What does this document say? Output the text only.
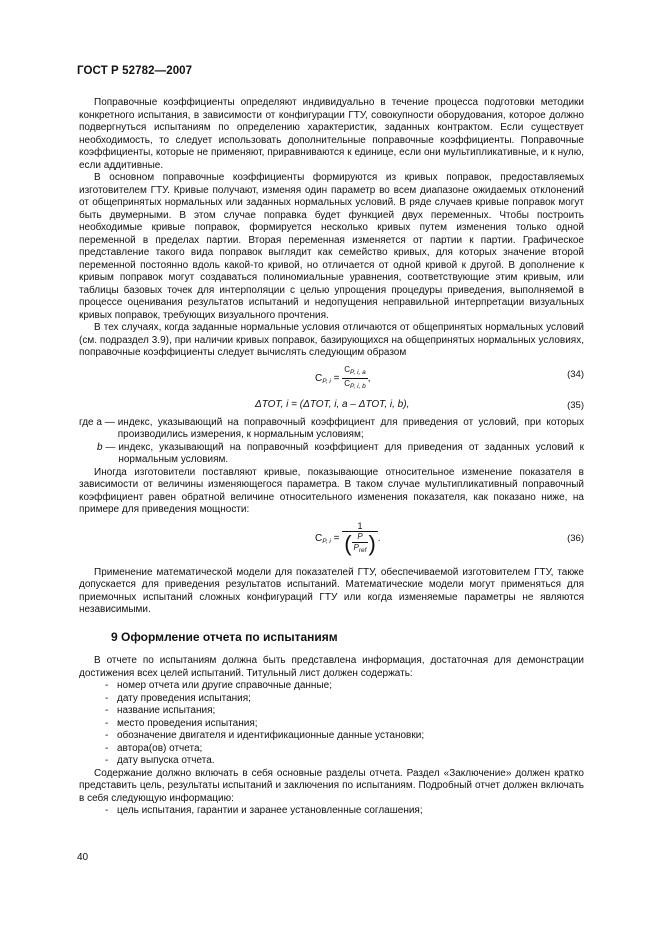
ГОСТ Р 52782—2007

Поправочные коэффициенты определяют индивидуально в течение процесса подготовки методики конкретного испытания, в зависимости от конфигурации ГТУ, совокупности оборудования, которое должно подвергнуться испытаниям по определению характеристик, заданных контрактом. Если существует необходимость, то следует использовать дополнительные поправочные коэффициенты. Поправочные коэффициенты, которые не применяют, приравниваются к единице, если они мультипликативные, и к нулю, если аддитивные.

В основном поправочные коэффициенты формируются из кривых поправок, предоставляемых изготовителем ГТУ. Кривые получают, изменяя один параметр во всем диапазоне ожидаемых отклонений от общепринятых нормальных или заданных нормальных условий. В ряде случаев кривые поправок могут быть двумерными. В этом случае поправка будет функцией двух переменных. Чтобы построить необходимые кривые поправок, формируется несколько кривых путем изменения только одной переменной в пределах партии. Вторая переменная изменяется от партии к партии. Графическое представление такого вида поправок выглядит как семейство кривых, для которых значение второй переменной постоянно вдоль какой-то кривой, но отличается от одной кривой к другой. В дополнение к кривым поправок могут создаваться полиномиальные уравнения, соответствующие этим кривым, или таблицы базовых точек для интерполяции с целью упрощения процедуры приведения, выполняемой в процессе оценивания результатов испытаний и недопущения неправильной интерпретации визуальных кривых поправок, требующих визуального прочтения.

В тех случаях, когда заданные нормальные условия отличаются от общепринятых нормальных условий (см. подраздел 3.9), при наличии кривых поправок, базирующихся на общепринятых нормальных условиях, поправочные коэффициенты следует вычислять следующим образом

$C_{P, i} = \frac{C_{P, i, a}}{C_{P, i, b}}$ ,	(34)
ΔTOT, i = (ΔTOT, i, a – ΔTOT, i, b),	(35)
где a — индекс, указывающий на поправочный коэффициент для приведения от условий, при которых производились измерения, к нормальным условиям;
b — индекс, указывающий на поправочный коэффициент для приведения от заданных условий к нормальным условиям.

Иногда изготовители поставляют кривые, показывающие относительное изменение показателя в зависимости от величины изменяющегося параметра. В таком случае мультипликативный поправочный коэффициент равен обратной величине относительного изменения показателя, как показано ниже, на примере для приведения мощности:

$C_{P, i} = \frac{1}{( \frac{P}{P_{ref}} )}$ .	(36)

Применение математической модели для показателей ГТУ, обеспечиваемой изготовителем ГТУ, также допускается для приведения результатов испытаний. Математические модели могут применяться для приемочных испытаний сложных конфигураций ГТУ или когда изменяемые параметры не являются независимыми.

9 Оформление отчета по испытаниям

В отчете по испытаниям должна быть представлена информация, достаточная для демонстрации достижения всех целей испытаний. Титульный лист должен содержать:

- номер отчета или другие справочные данные;
- дату проведения испытания;
- название испытания;
- место проведения испытания;
- обозначение двигателя и идентификационные данные установки;
- автора(ов) отчета;
- дату выпуска отчета.

Содержание должно включать в себя основные разделы отчета. Раздел «Заключение» должен кратко представить цель, результаты испытаний и заключения по испытаниям. Подробный отчет должен включать в себя следующую информацию:

- цель испытания, гарантии и заранее установленные соглашения;
40
